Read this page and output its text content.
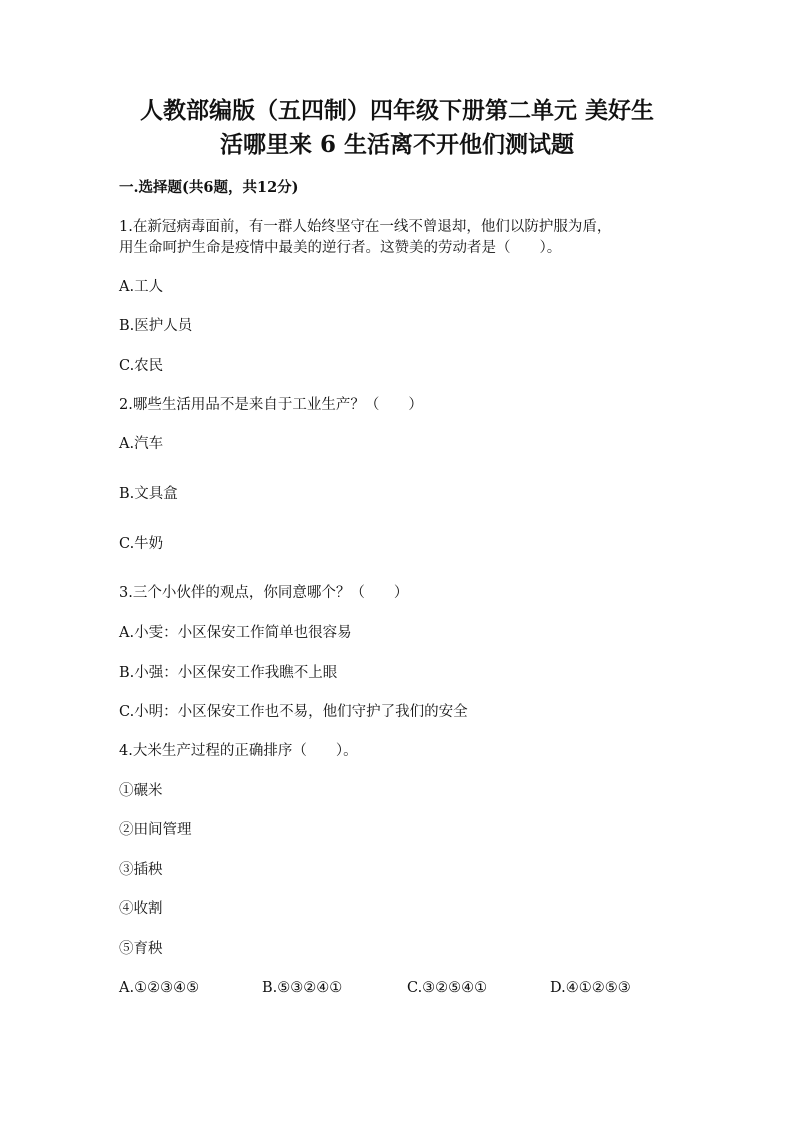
人教部编版（五四制）四年级下册第二单元 美好生
活哪里来 6 生活离不开他们测试题
一.选择题(共6题，共12分)
1.在新冠病毒面前，有一群人始终坚守在一线不曾退却，他们以防护服为盾，
用生命呵护生命是疫情中最美的逆行者。这赞美的劳动者是（　　）。
A.工人
B.医护人员
C.农民
2.哪些生活用品不是来自于工业生产？（　　）
A.汽车
B.文具盒
C.牛奶
3.三个小伙伴的观点，你同意哪个？（　　）
A.小雯：小区保安工作简单也很容易
B.小强：小区保安工作我瞧不上眼
C.小明：小区保安工作也不易，他们守护了我们的安全
4.大米生产过程的正确排序（　　）。
①碾米
②田间管理
③插秧
④收割
⑤育秧
A.①②③④⑤	B.⑤③②④①	C.③②⑤④①	D.④①②⑤③
